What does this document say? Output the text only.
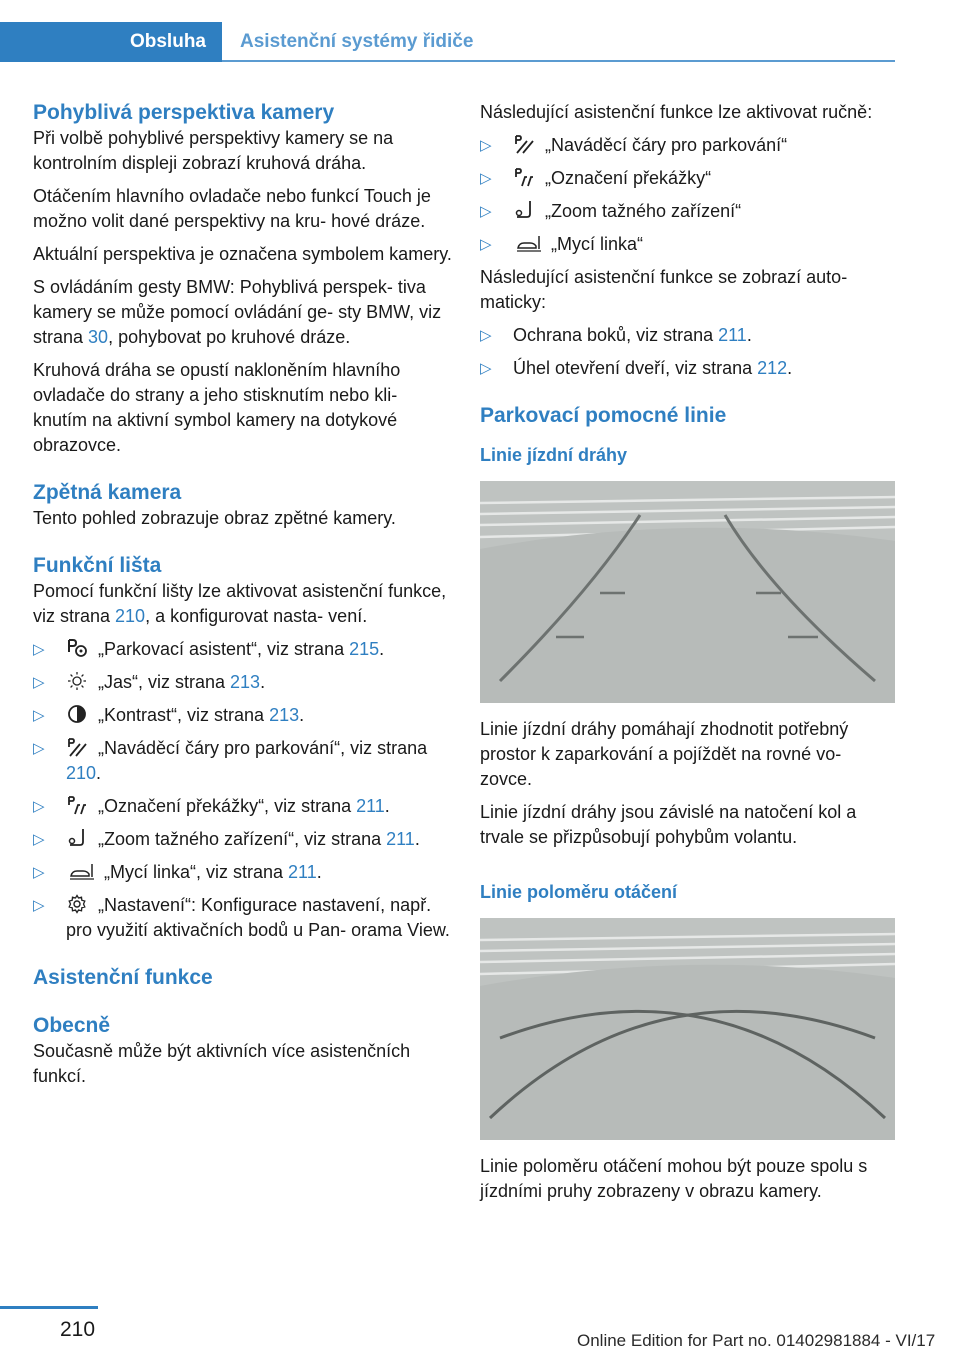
Obsluha Asistenční systémy řidiče
Pohyblivá perspektiva kamery

Při volbě pohyblivé perspektivy kamery se na kontrolním displeji zobrazí kruhová dráha.

Otáčením hlavního ovladače nebo funkcí Touch je možno volit dané perspektivy na kru‐ hové dráze.

Aktuální perspektiva je označena symbolem kamery.

S ovládáním gesty BMW: Pohyblivá perspek‐ tiva kamery se může pomocí ovládání ge‐ sty BMW, viz strana 30, pohybovat po kruhové dráze.

Kruhová dráha se opustí nakloněním hlavního ovladače do strany a jeho stisknutím nebo kli‐ knutím na aktivní symbol kamery na dotykové obrazovce.

Zpětná kamera

Tento pohled zobrazuje obraz zpětné kamery.

Funkční lišta

Pomocí funkční lišty lze aktivovat asistenční funkce, viz strana 210, a konfigurovat nasta‐ vení.

▷	„Parkovací asistent“, viz strana 215.
▷	„Jas“, viz strana 213.
▷	„Kontrast“, viz strana 213.
▷	„Naváděcí čáry pro parkování“, viz strana 210.
▷	„Označení překážky“, viz strana 211.
▷	„Zoom tažného zařízení“, viz strana 211.
▷	„Mycí linka“, viz strana 211.
▷	„Nastavení“: Konfigurace nastavení, např. pro využití aktivačních bodů u Pan‐ orama View.
Asistenční funkce
Obecně

Současně může být aktivních více asistenčních funkcí.

Následující asistenční funkce lze aktivovat ručně:

▷	„Naváděcí čáry pro parkování“
▷	„Označení překážky“
▷	„Zoom tažného zařízení“
▷	„Mycí linka“

Následující asistenční funkce se zobrazí auto‐ maticky:

▷ Ochrana boků, viz strana 211.
▷ Úhel otevření dveří, viz strana 212.
Parkovací pomocné linie
Linie jízdní dráhy

Linie jízdní dráhy pomáhají zhodnotit potřebný prostor k zaparkování a pojíždět na rovné vo‐ zovce.

Linie jízdní dráhy jsou závislé na natočení kol a trvale se přizpůsobují pohybům volantu.

Linie poloměru otáčení

Linie poloměru otáčení mohou být pouze spolu s jízdními pruhy zobrazeny v obrazu kamery.

210	Online Edition for Part no. 01402981884 - VI/17
